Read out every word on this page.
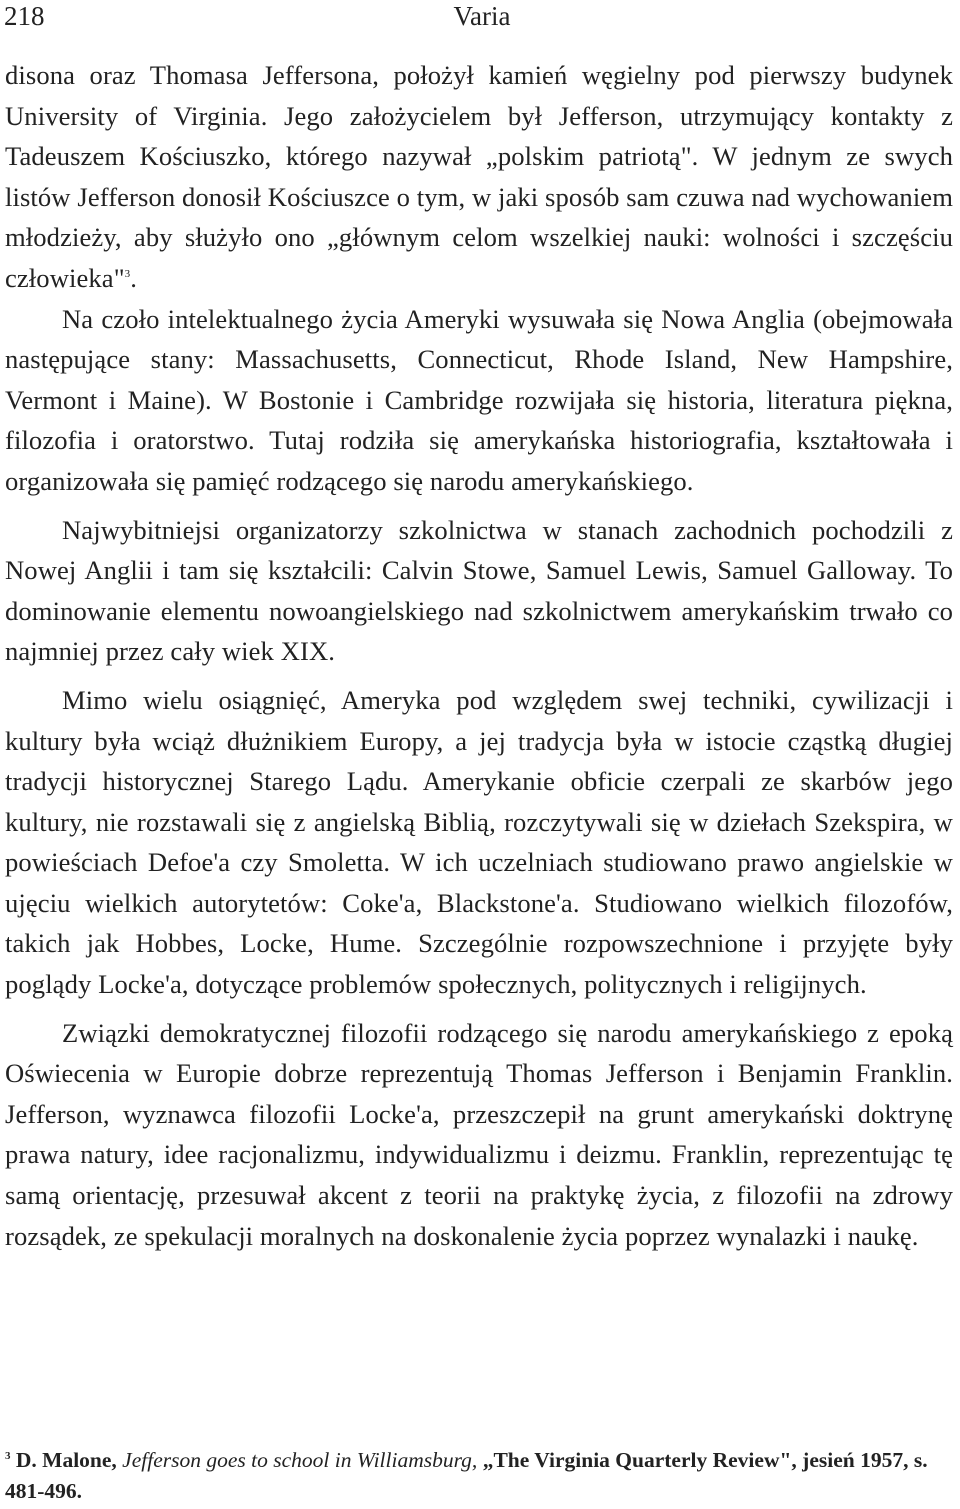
218	Varia

disona oraz Thomasa Jeffersona, położył kamień węgielny pod pierwszy budynek University of Virginia. Jego założycielem był Jefferson, utrzymujący kontakty z Tadeuszem Kościuszko, którego nazywał „polskim patriotą". W jednym ze swych listów Jefferson donosił Kościuszce o tym, w jaki sposób sam czuwa nad wychowaniem młodzieży, aby służyło ono „głównym celom wszelkiej nauki: wolności i szczęściu człowieka"$^3$.

Na czoło intelektualnego życia Ameryki wysuwała się Nowa Anglia (obejmowała następujące stany: Massachusetts, Connecticut, Rhode Island, New Hampshire, Vermont i Maine). W Bostonie i Cambridge rozwijała się historia, literatura piękna, filozofia i oratorstwo. Tutaj rodziła się amerykańska historiografia, kształtowała i organizowała się pamięć rodzącego się narodu amerykańskiego.

Najwybitniejsi organizatorzy szkolnictwa w stanach zachodnich pochodzili z Nowej Anglii i tam się kształcili: Calvin Stowe, Samuel Lewis, Samuel Galloway. To dominowanie elementu nowoangielskiego nad szkolnictwem amerykańskim trwało co najmniej przez cały wiek XIX.

Mimo wielu osiągnięć, Ameryka pod względem swej techniki, cywilizacji i kultury była wciąż dłużnikiem Europy, a jej tradycja była w istocie cząstką długiej tradycji historycznej Starego Lądu. Amerykanie obficie czerpali ze skarbów jego kultury, nie rozstawali się z angielską Biblią, rozczytywali się w dziełach Szekspira, w powieściach Defoe'a czy Smoletta. W ich uczelniach studiowano prawo angielskie w ujęciu wielkich autorytetów: Coke'a, Blackstone'a. Studiowano wielkich filozofów, takich jak Hobbes, Locke, Hume. Szczególnie rozpowszechnione i przyjęte były poglądy Locke'a, dotyczące problemów społecznych, politycznych i religijnych.

Związki demokratycznej filozofii rodzącego się narodu amerykańskiego z epoką Oświecenia w Europie dobrze reprezentują Thomas Jefferson i Benjamin Franklin. Jefferson, wyznawca filozofii Locke'a, przeszczepił na grunt amerykański doktrynę prawa natury, idee racjonalizmu, indywidualizmu i deizmu. Franklin, reprezentując tę samą orientację, przesuwał akcent z teorii na praktykę życia, z filozofii na zdrowy rozsądek, ze spekulacji moralnych na doskonalenie życia poprzez wynalazki i naukę.

$^3$ D. Malone, Jefferson goes to school in Williamsburg, „The Virginia Quarterly Review", jesień 1957, s. 481-496.
